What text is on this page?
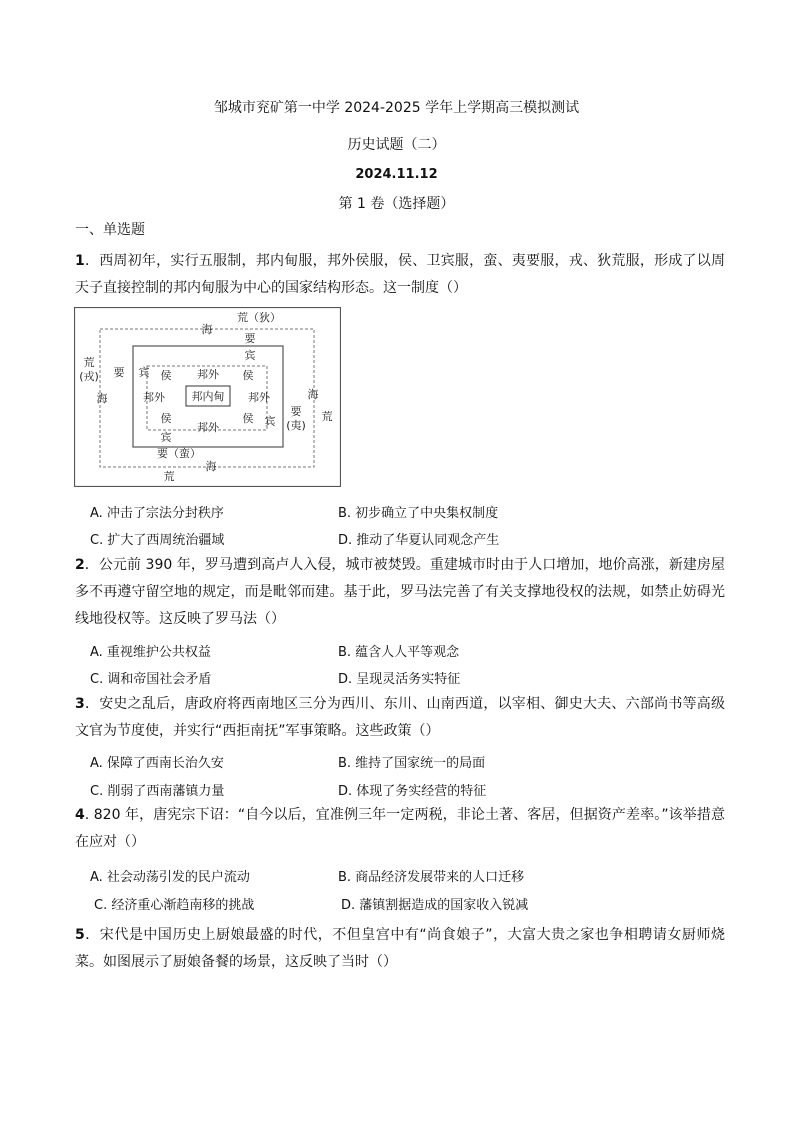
邹城市兖矿第一中学 2024-2025 学年上学期高三模拟测试
历史试题（二）
2024.11.12
第 1 卷（选择题）
一、单选题
1．西周初年，实行五服制，邦内甸服，邦外侯服，侯、卫宾服，蛮、夷要服，戎、狄荒服，形成了以周天子直接控制的邦内甸服为中心的国家结构形态。这一制度（）
邦内甸
邦外
邦外	邦外
邦外
侯
侯
侯
侯
宾
宾
宾
宾
要
要
要
(夷)
要（蛮）
海
海	海
海
荒（狄）
荒
(戎)
荒
荒
A. 冲击了宗法分封秩序	B. 初步确立了中央集权制度
C. 扩大了西周统治疆域	D. 推动了华夏认同观念产生
2．公元前 390 年，罗马遭到高卢人入侵，城市被焚毁。重建城市时由于人口增加，地价高涨，新建房屋多不再遵守留空地的规定，而是毗邻而建。基于此，罗马法完善了有关支撑地役权的法规，如禁止妨碍光线地役权等。这反映了罗马法（）
A. 重视维护公共权益	B. 蕴含人人平等观念
C. 调和帝国社会矛盾	D. 呈现灵活务实特征
3．安史之乱后，唐政府将西南地区三分为西川、东川、山南西道，以宰相、御史大夫、六部尚书等高级文官为节度使，并实行“西拒南抚”军事策略。这些政策（）
A. 保障了西南长治久安	B. 维持了国家统一的局面
C. 削弱了西南藩镇力量	D. 体现了务实经营的特征
4. 820 年，唐宪宗下诏：“自今以后，宜准例三年一定两税，非论土著、客居，但据资产差率。”该举措意在应对（）
A. 社会动荡引发的民户流动	B. 商品经济发展带来的人口迁移
C. 经济重心渐趋南移的挑战	D. 藩镇割据造成的国家收入锐减
5．宋代是中国历史上厨娘最盛的时代，不但皇宫中有“尚食娘子”，大富大贵之家也争相聘请女厨师烧菜。如图展示了厨娘备餐的场景，这反映了当时（）
